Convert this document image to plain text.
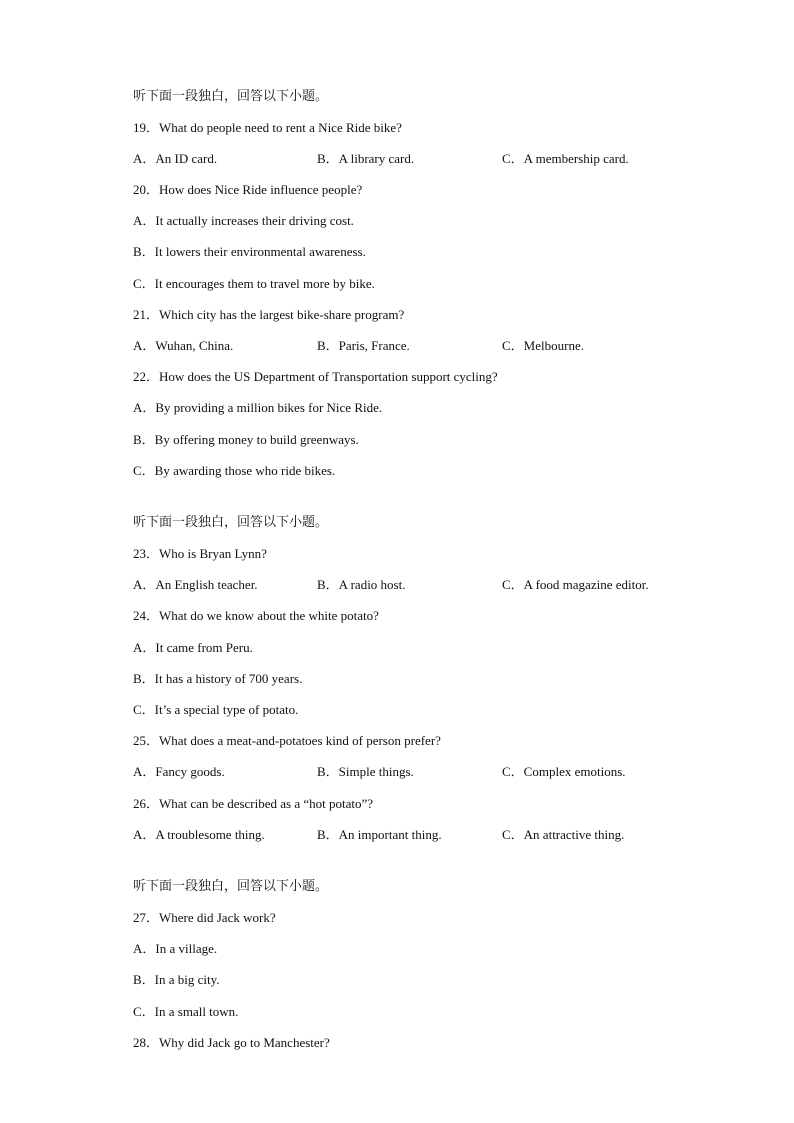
听下面一段独白，回答以下小题。
19．What do people need to rent a Nice Ride bike?
A．An ID card.	B．A library card.	C．A membership card.
20．How does Nice Ride influence people?
A．It actually increases their driving cost.
B．It lowers their environmental awareness.
C．It encourages them to travel more by bike.
21．Which city has the largest bike-share program?
A．Wuhan, China.	B．Paris, France.	C．Melbourne.
22．How does the US Department of Transportation support cycling?
A．By providing a million bikes for Nice Ride.
B．By offering money to build greenways.
C．By awarding those who ride bikes.
听下面一段独白，回答以下小题。
23．Who is Bryan Lynn?
A．An English teacher.	B．A radio host.	C．A food magazine editor.
24．What do we know about the white potato?
A．It came from Peru.
B．It has a history of 700 years.
C．It’s a special type of potato.
25．What does a meat-and-potatoes kind of person prefer?
A．Fancy goods.	B．Simple things.	C．Complex emotions.
26．What can be described as a “hot potato”?
A．A troublesome thing.	B．An important thing.	C．An attractive thing.
听下面一段独白，回答以下小题。
27．Where did Jack work?
A．In a village.
B．In a big city.
C．In a small town.
28．Why did Jack go to Manchester?
